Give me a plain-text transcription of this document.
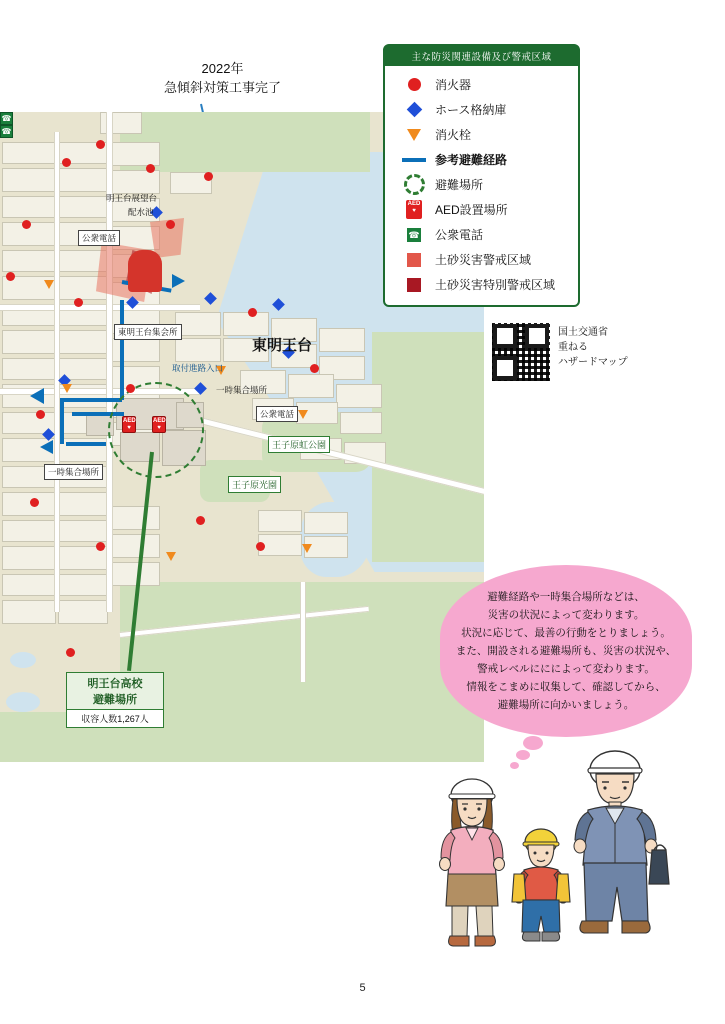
2022年
急傾斜対策工事完了
AED
♥
AED
♥
☎
☎
公衆電話
明王台展望台
配水池
東明王台集会所
東明王台
取付進路入口
一時集合場所
公衆電話
一時集合場所
王子原虹公園
王子原光園
明王台高校
避難場所
収容人数1,267人
主な防災関連設備及び警戒区域
消火器
ホース格納庫
消火栓
参考避難経路
避難場所
AED
♥	AED設置場所
☎ 公衆電話
土砂災害警戒区域
土砂災害特別警戒区域
国土交通省
重ねる
ハザードマップ
避難経路や一時集合場所などは、
災害の状況によって変わります。
状況に応じて、最善の行動をとりましょう。
また、開設される避難場所も、災害の状況や、
警戒レベルににによって変わります。
情報をこまめに収集して、確認してから、
避難場所に向かいましょう。
5
